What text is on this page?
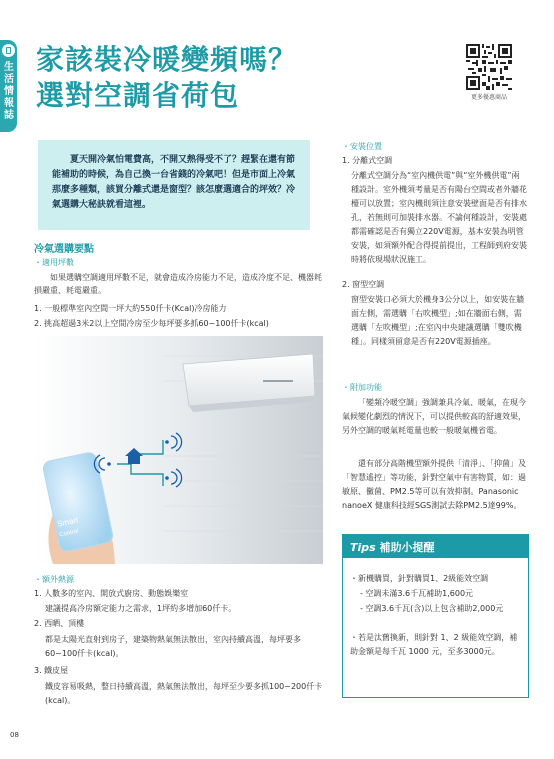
生活情報誌
家該裝冷暖變頻嗎？
選對空調省荷包	更多優惠商品
夏天開冷氣怕電費高，不開又熱得受不了？趕緊在還有節能補助的時候，為自己換一台省錢的冷氣吧！但是市面上冷氣那麼多種類，該買分離式還是窗型？該怎麼選適合的坪效？冷氣選購大秘訣就看這裡。
冷氣選購要點
・適用坪數
如果選購空調適用坪數不足，就會造成冷房能力不足，造成冷度不足、機器耗損嚴重、耗電嚴重。
1. 一般標準室內空間一坪大約550仟卡(Kcal)冷房能力
2. 挑高超過3米2以上空間冷房至少每坪要多抓60~100仟卡(kcal)
Smart
Control
・額外熱源
1. 人數多的室內、開放式廚房、動態娛樂室
建議提高冷房額定能力之需求，1坪約多增加60仟卡。
2. 西晒、頂樓
都是太陽光直射到房子，建築物熱氣無法散出，室內持續高溫，每坪要多60~100仟卡(kcal)。
3. 鐵皮屋
鐵皮容易吸熱，整日持續高溫，熱氣無法散出，每坪至少要多抓100~200仟卡(kcal)。
・安裝位置
1. 分離式空調
分離式空調分為“室內機供電”與“室外機供電”兩種設計。室外機須考量是否有陽台空間或者外牆花檯可以放置；室內機則須注意安裝壁面是否有排水孔，若無則可加裝排水器。不論何種設計，安裝處都需確認是否有獨立220V電源，基本安裝為明管安裝，如須額外配合得提前提出，工程師到府安裝時將依現場狀況施工。
2. 窗型空調
窗型安裝口必須大於機身3公分以上，如安裝在牆面左側，需選購「右吹機型」;如在牆面右側，需選購「左吹機型」;在室內中央建議選購「雙吹機種」。同樣須留意是否有220V電源插座。
・附加功能
「變頻冷暖空調」強調兼具冷氣、暖氣，在現今氣候變化劇烈的情況下，可以提供較高的舒適效果，另外空調的暖氣耗電量也較一般暖氣機省電。
還有部分高階機型額外提供「清淨」、「抑菌」及「智慧遙控」等功能，針對空氣中有害物質，如：過敏原、黴菌、PM2.5等可以有效抑制。Panasonic nanoeX 健康科技經SGS測試去除PM2.5達99%。
Tips 補助小提醒
・新機購買，針對購買1、2級能效空調
- 空調未滿3.6千瓦補助1,600元
- 空調3.6千瓦(含)以上包含補助2,000元
・若是汰舊換新，則針對 1、2 級能效空調，補助金額是每千瓦 1000 元，至多3000元。
08
